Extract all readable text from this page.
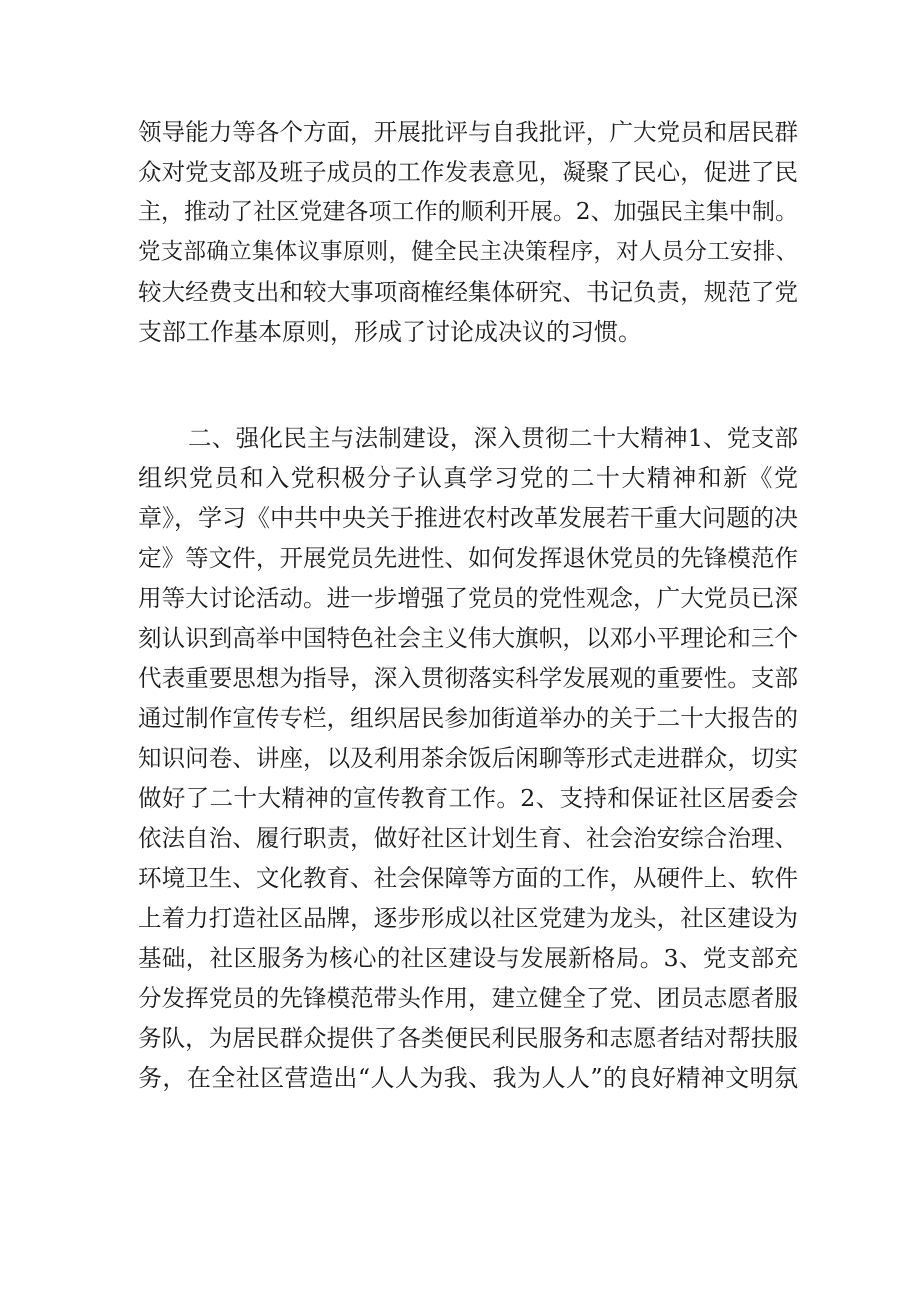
领导能力等各个方面，开展批评与自我批评，广大党员和居民群
众对党支部及班子成员的工作发表意见，凝聚了民心，促进了民
主，推动了社区党建各项工作的顺利开展。2、加强民主集中制。
党支部确立集体议事原则，健全民主决策程序，对人员分工安排、
较大经费支出和较大事项商榷经集体研究、书记负责，规范了党
支部工作基本原则，形成了讨论成决议的习惯。
二、强化民主与法制建设，深入贯彻二十大精神1、党支部
组织党员和入党积极分子认真学习党的二十大精神和新《党
章》，学习《中共中央关于推进农村改革发展若干重大问题的决
定》等文件，开展党员先进性、如何发挥退休党员的先锋模范作
用等大讨论活动。进一步增强了党员的党性观念，广大党员已深
刻认识到高举中国特色社会主义伟大旗帜，以邓小平理论和三个
代表重要思想为指导，深入贯彻落实科学发展观的重要性。支部
通过制作宣传专栏，组织居民参加街道举办的关于二十大报告的
知识问卷、讲座，以及利用茶余饭后闲聊等形式走进群众，切实
做好了二十大精神的宣传教育工作。2、支持和保证社区居委会
依法自治、履行职责，做好社区计划生育、社会治安综合治理、
环境卫生、文化教育、社会保障等方面的工作，从硬件上、软件
上着力打造社区品牌，逐步形成以社区党建为龙头，社区建设为
基础，社区服务为核心的社区建设与发展新格局。3、党支部充
分发挥党员的先锋模范带头作用，建立健全了党、团员志愿者服
务队，为居民群众提供了各类便民利民服务和志愿者结对帮扶服
务，在全社区营造出“人人为我、我为人人”的良好精神文明氛
